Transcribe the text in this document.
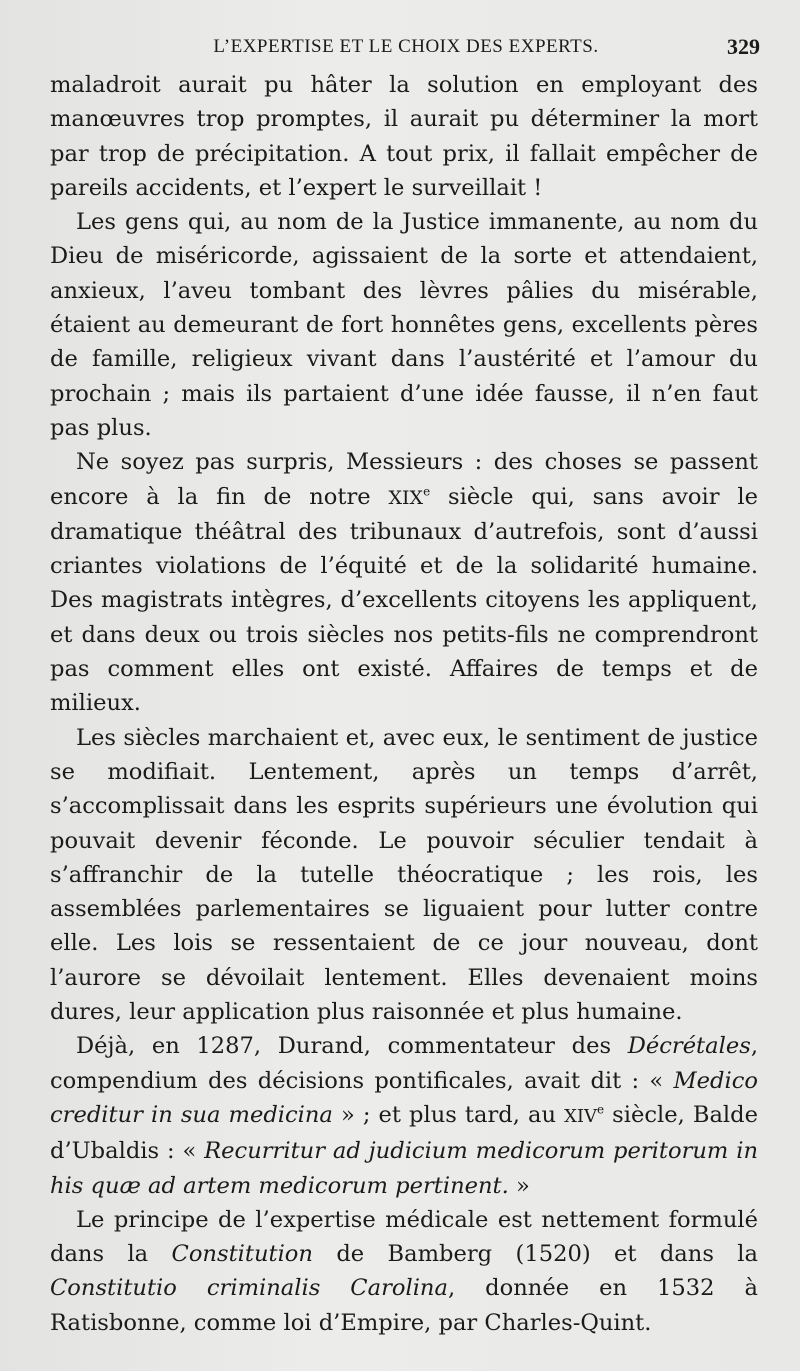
L’EXPERTISE ET LE CHOIX DES EXPERTS.	329

maladroit aurait pu hâter la solution en employant des manœuvres trop promptes, il aurait pu déterminer la mort par trop de précipitation. A tout prix, il fallait empêcher de pareils accidents, et l’expert le surveillait !

Les gens qui, au nom de la Justice immanente, au nom du Dieu de miséricorde, agissaient de la sorte et attendaient, anxieux, l’aveu tombant des lèvres pâlies du misérable, étaient au demeurant de fort honnêtes gens, excellents pères de famille, religieux vivant dans l’austérité et l’amour du prochain ; mais ils partaient d’une idée fausse, il n’en faut pas plus.

Ne soyez pas surpris, Messieurs : des choses se passent encore à la fin de notre XIXe siècle qui, sans avoir le dramatique théâtral des tribunaux d’autrefois, sont d’aussi criantes violations de l’équité et de la solidarité humaine. Des magistrats intègres, d’excellents citoyens les appliquent, et dans deux ou trois siècles nos petits-fils ne comprendront pas comment elles ont existé. Affaires de temps et de milieux.

Les siècles marchaient et, avec eux, le sentiment de justice se modifiait. Lentement, après un temps d’arrêt, s’accomplissait dans les esprits supérieurs une évolution qui pouvait devenir féconde. Le pouvoir séculier tendait à s’affranchir de la tutelle théocratique ; les rois, les assemblées parlementaires se liguaient pour lutter contre elle. Les lois se ressentaient de ce jour nouveau, dont l’aurore se dévoilait lentement. Elles devenaient moins dures, leur application plus raisonnée et plus humaine.

Déjà, en 1287, Durand, commentateur des Décrétales, compendium des décisions pontificales, avait dit : « Medico creditur in sua medicina » ; et plus tard, au XIVe siècle, Balde d’Ubaldis : « Recurritur ad judicium medicorum peritorum in his quæ ad artem medicorum pertinent. »

Le principe de l’expertise médicale est nettement formulé dans la Constitution de Bamberg (1520) et dans la Constitutio criminalis Carolina, donnée en 1532 à Ratisbonne, comme loi d’Empire, par Charles-Quint.
